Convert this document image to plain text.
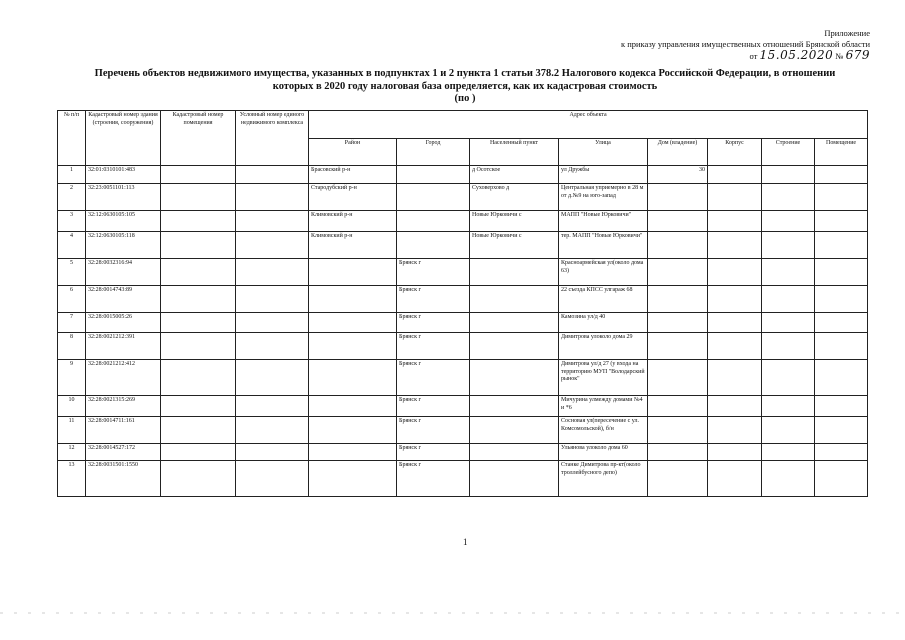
Приложение
к приказу управления имущественных отношений Брянской области
от 15.05.2020 № 679
Перечень объектов недвижимого имущества, указанных в подпунктах 1 и 2 пункта 1 статьи 378.2 Налогового кодекса Российской Федерации, в отношении
которых в 2020 году налоговая база определяется, как их кадастровая стоимость
(по )
№ п/п	Кадастровый номер здания (строения, сооружения)	Кадастровый номер помещения	Условный номер единого недвижимого комплекса	Адрес объекта							
				Район	Город	Населенный пункт	Улица	Дом (владение)	Корпус	Строение	Помещение
1	32:01:0310101:483			Брасовский р-н		д Осотское	ул Дружбы	30			
2	32:23:0051101:113			Стародубский р-н		Суховерхово д	Центральная уприемерно в 28 м от д.№9 на юго-запад				
3	32:12:0630105:105			Климовский р-н		Новые Юрковичи с	МАПП "Новые Юрковичи"				
4	32:12:0630105:118			Климовский р-н		Новые Юрковичи с	тер. МАПП "Новые Юрковичи"				
5	32:28:0032316:94				Брянск г		Красноармейская ул(около дома 63)				
6	32:28:0014743:89				Брянск г		22 съезда КПСС улгараж 68				
7	32:28:0015005:26				Брянск г		Камозина ул/д 40				
8	32:28:0021212:391				Брянск г		Димитрова улоколо дома 29				
9	32:28:0021212:412				Брянск г		Димитрова ул/д 27 (у входа на территорию МУП "Володарский рынок"				
10	32:28:0021315:269				Брянск г		Мичурина улмежду домами №4 и *6				
11	32:28:0014711:161				Брянск г		Сосновая ул(пересечение с ул. Комсомольской), б/н				
12	32:28:0014527:172				Брянск г		Ульянова улоколо дома 60				
13	32:28:0031501:1550				Брянск г		Станке Димитрова пр-кт(около троллейбусного депо)				
1
